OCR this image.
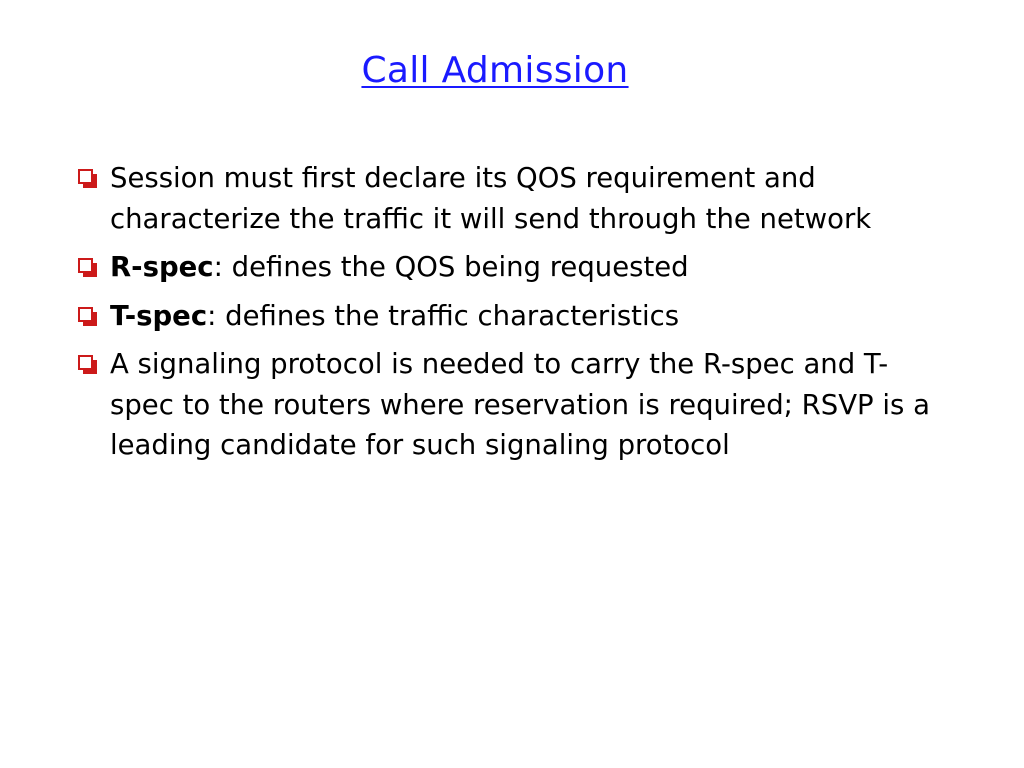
Call Admission
Session must first declare its QOS requirement and characterize the traffic it will send through the network
R-spec: defines the QOS being requested
T-spec: defines the traffic characteristics
A signaling protocol is needed to carry the R-spec and T-spec to the routers where reservation is required; RSVP is a leading candidate for such signaling protocol
